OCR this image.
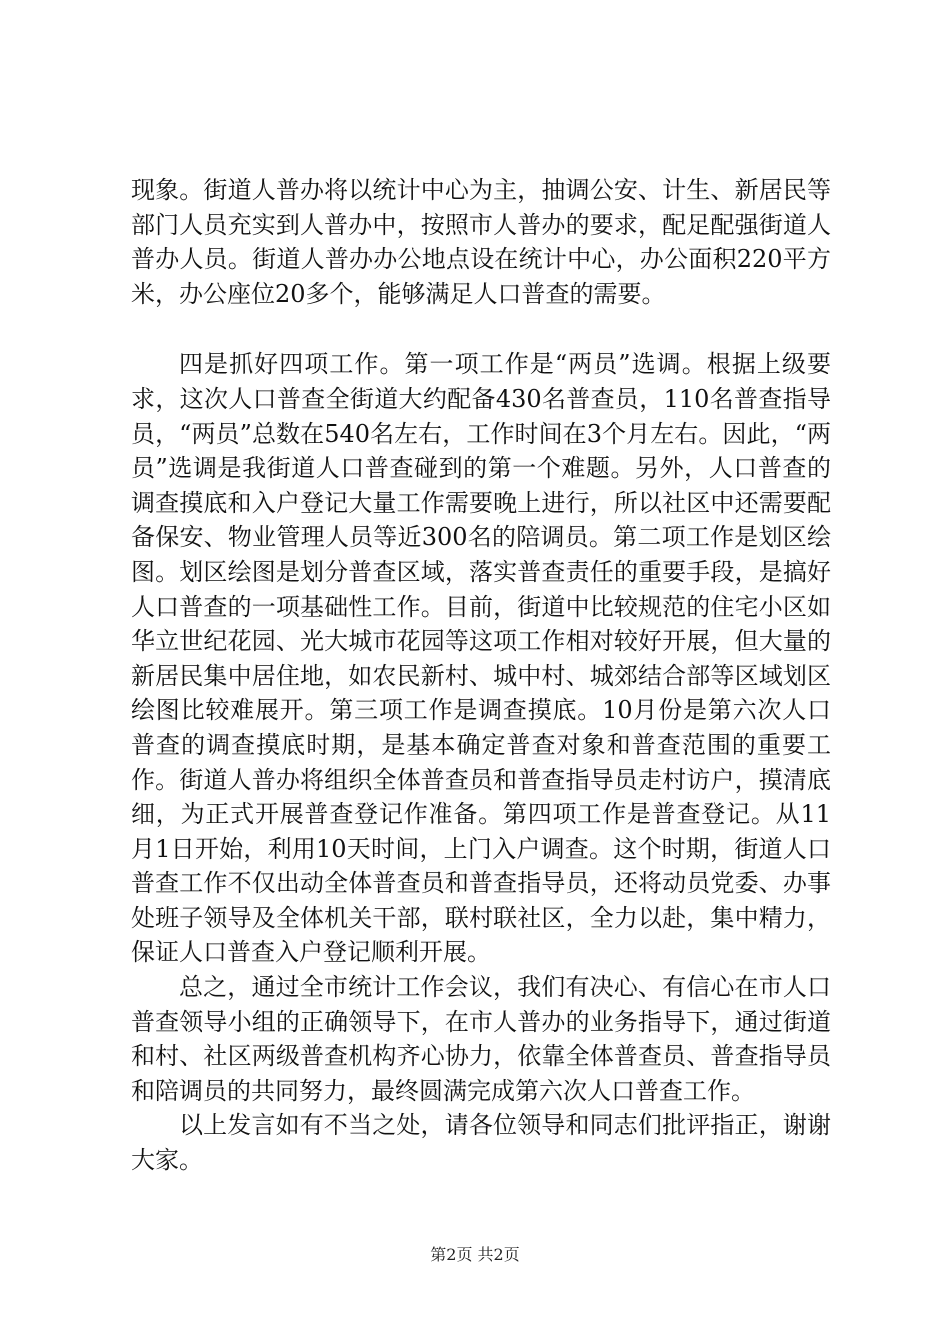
现象。街道人普办将以统计中心为主，抽调公安、计生、新居民等部门人员充实到人普办中，按照市人普办的要求，配足配强街道人普办人员。街道人普办办公地点设在统计中心，办公面积220平方米，办公座位20多个，能够满足人口普查的需要。

四是抓好四项工作。第一项工作是“两员”选调。根据上级要求，这次人口普查全街道大约配备430名普查员，110名普查指导员，“两员”总数在540名左右，工作时间在3个月左右。因此，“两员”选调是我街道人口普查碰到的第一个难题。另外，人口普查的调查摸底和入户登记大量工作需要晚上进行，所以社区中还需要配备保安、物业管理人员等近300名的陪调员。第二项工作是划区绘图。划区绘图是划分普查区域，落实普查责任的重要手段，是搞好人口普查的一项基础性工作。目前，街道中比较规范的住宅小区如华立世纪花园、光大城市花园等这项工作相对较好开展，但大量的新居民集中居住地，如农民新村、城中村、城郊结合部等区域划区绘图比较难展开。第三项工作是调查摸底。10月份是第六次人口普查的调查摸底时期，是基本确定普查对象和普查范围的重要工作。街道人普办将组织全体普查员和普查指导员走村访户，摸清底细，为正式开展普查登记作准备。第四项工作是普查登记。从11月1日开始，利用10天时间，上门入户调查。这个时期，街道人口普查工作不仅出动全体普查员和普查指导员，还将动员党委、办事处班子领导及全体机关干部，联村联社区，全力以赴，集中精力，保证人口普查入户登记顺利开展。

总之，通过全市统计工作会议，我们有决心、有信心在市人口普查领导小组的正确领导下，在市人普办的业务指导下，通过街道和村、社区两级普查机构齐心协力，依靠全体普查员、普查指导员和陪调员的共同努力，最终圆满完成第六次人口普查工作。

以上发言如有不当之处，请各位领导和同志们批评指正，谢谢大家。

第2页 共2页
